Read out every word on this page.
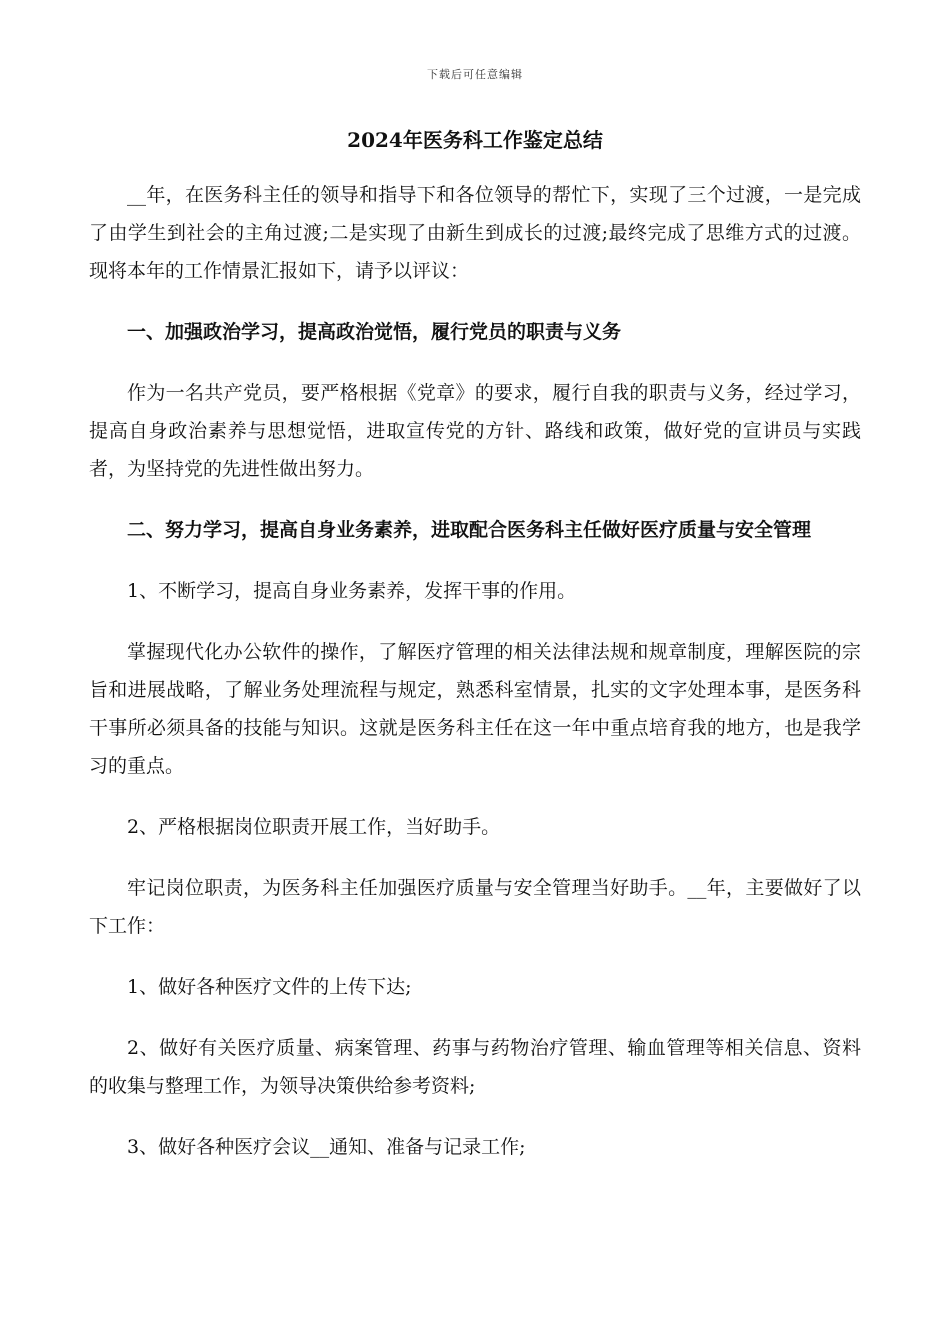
下载后可任意编辑
2024年医务科工作鉴定总结

__年，在医务科主任的领导和指导下和各位领导的帮忙下，实现了三个过渡，一是完成了由学生到社会的主角过渡;二是实现了由新生到成长的过渡;最终完成了思维方式的过渡。现将本年的工作情景汇报如下，请予以评议：

一、加强政治学习，提高政治觉悟，履行党员的职责与义务

作为一名共产党员，要严格根据《党章》的要求，履行自我的职责与义务，经过学习，提高自身政治素养与思想觉悟，进取宣传党的方针、路线和政策，做好党的宣讲员与实践者，为坚持党的先进性做出努力。

二、努力学习，提高自身业务素养，进取配合医务科主任做好医疗质量与安全管理

1、不断学习，提高自身业务素养，发挥干事的作用。

掌握现代化办公软件的操作，了解医疗管理的相关法律法规和规章制度，理解医院的宗旨和进展战略，了解业务处理流程与规定，熟悉科室情景，扎实的文字处理本事，是医务科干事所必须具备的技能与知识。这就是医务科主任在这一年中重点培育我的地方，也是我学习的重点。

2、严格根据岗位职责开展工作，当好助手。

牢记岗位职责，为医务科主任加强医疗质量与安全管理当好助手。__年，主要做好了以下工作：

1、做好各种医疗文件的上传下达;

2、做好有关医疗质量、病案管理、药事与药物治疗管理、输血管理等相关信息、资料的收集与整理工作，为领导决策供给参考资料;

3、做好各种医疗会议__通知、准备与记录工作;
